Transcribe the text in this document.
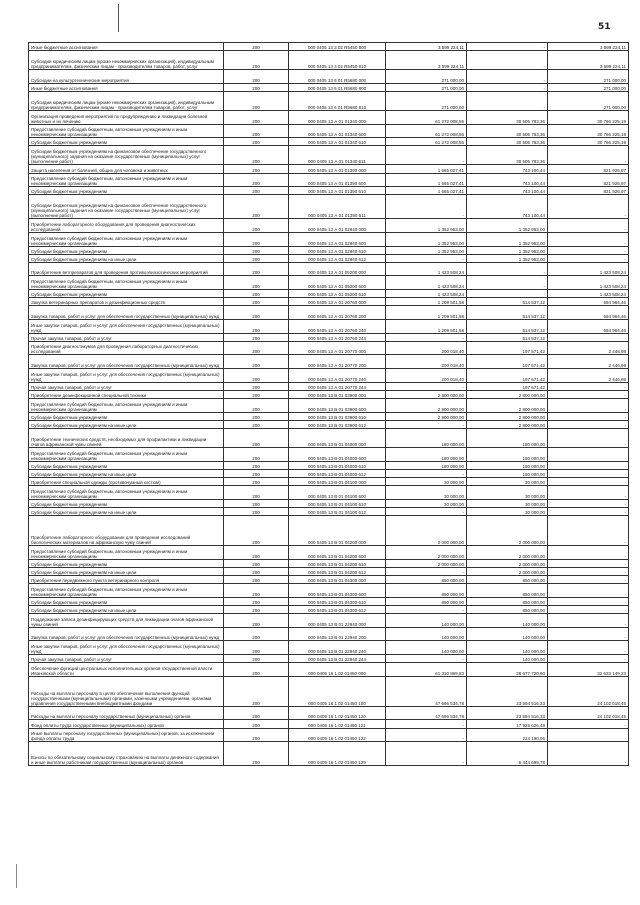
51
Иные бюджетные ассигнования	200	000 0405 13 3 02 R5450 800	3 599 224,11	-	3 599 224,11
Субсидии юридическим лицам (кроме некоммерческих организаций), индивидуальным предпринимателям, физическим лицам - производителям товаров, работ, услуг	200	000 0405 13 3 02 R5450 810	3 599 224,11	-	3 599 224,11
Субсидии на культуртехнические мероприятия	200	000 0405 13 6 01 R5680 000	271 000,00	-	271 000,00
Иные бюджетные ассигнования	200	000 0405 13 6 01 R5680 800	271 000,00	-	271 000,00
Субсидии юридическим лицам (кроме некоммерческих организаций), индивидуальным предпринимателям, физическим лицам - производителям товаров, работ, услуг	200	000 0405 13 6 01 R5680 810	271 000,00	-	271 000,00
Организация проведения мероприятий по предупреждению и ликвидации болезней животных и их лечению	200	000 0405 13 А 01 01340 000	61 272 008,55	30 505 783,36	30 766 225,19
Предоставление субсидий бюджетным, автономным учреждениям и иным некоммерческим организациям	200	000 0405 13 А 01 01340 600	61 272 008,55	30 505 783,36	30 766 225,19
Субсидии бюджетным учреждениям	200	000 0405 13 А 01 01340 610	61 272 008,55	30 505 783,36	30 766 225,19
Субсидии бюджетным учреждениям на финансовое обеспечение государственного (муниципального) задания на оказание государственных (муниципальных) услуг (выполнение работ)	200	000 0405 13 А 01 01340 611	-	30 505 783,36	-
Защита населения от болезней, общих для человека и животных	200	000 0405 13 А 01 01390 000	1 565 027,41	743 100,44	821 926,97
Предоставление субсидий бюджетным, автономным учреждениям и иным некоммерческим организациям	200	000 0405 13 А 01 01390 600	1 565 027,41	743 100,44	821 926,97
Субсидии бюджетным учреждениям	200	000 0405 13 А 01 01390 610	1 565 027,41	743 100,44	821 926,97
Субсидии бюджетным учреждениям на финансовое обеспечение государственного (муниципального) задания на оказание государственных (муниципальных) услуг (выполнение работ)	200	000 0405 13 А 01 01390 611	-	743 100,44	-
Приобретение лабораторного оборудования для проведения диагностических исследований	200	000 0405 13 А 01 02840 000	1 352 953,00	1 352 953,00	-
Предоставление субсидий бюджетным, автономным учреждениям и иным некоммерческим организациям	200	000 0405 13 А 01 02840 600	1 352 953,00	1 352 953,00	-
Субсидии бюджетным учреждениям	200	000 0405 13 А 01 02840 610	1 352 953,00	1 352 953,00	-
Субсидии бюджетным учреждениям на иные цели	200	000 0405 13 А 01 02840 612	-	1 352 953,00	-
Приобретение ветпрепаратов для проведения противоэпизоотических мероприятий	200	000 0405 13 А 01 05200 000	1 423 508,24	-	1 423 508,24
Предоставление субсидий бюджетным, автономным учреждениям и иным некоммерческим организациям	200	000 0405 13 А 01 05200 600	1 423 508,24	-	1 423 508,24
Субсидии бюджетным учреждениям	200	000 0405 13 А 01 05200 610	1 423 508,24	-	1 423 508,24
Закупка ветеринарных препаратов и дезинфекционных средств	200	000 0405 13 А 01 20760 000	1 209 501,58	514 537,12	694 964,46
Закупка товаров, работ и услуг для обеспечения государственных (муниципальных) нужд	200	000 0405 13 А 01 20760 200	1 209 501,58	514 537,12	694 964,46
Иные закупки товаров, работ и услуг для обеспечения государственных (муниципальных) нужд	200	000 0405 13 А 01 20760 240	1 209 501,58	514 537,12	694 964,46
Прочая закупка товаров, работ и услуг	200	000 0405 13 А 01 20760 244	-	514 537,12	-
Приобретение диагностикумов для проведения лабораторных диагностических исследований	200	000 0405 13 А 01 20770 000	200 018,40	197 571,42	2 446,98
Закупка товаров, работ и услуг для обеспечения государственных (муниципальных) нужд	200	000 0405 13 А 01 20770 200	200 018,40	197 571,42	2 446,98
Иные закупки товаров, работ и услуг для обеспечения государственных (муниципальных) нужд	200	000 0405 13 А 01 20770 240	200 018,40	197 571,42	2 446,98
Прочая закупка товаров, работ и услуг	200	000 0405 13 А 01 20770 244	-	197 571,42	-
Приобретение дезинфекционной специальной техники	200	000 0405 13 В 01 03900 000	2 800 000,00	2 800 000,00	-
Предоставление субсидий бюджетным, автономным учреждениям и иным некоммерческим организациям	200	000 0405 13 В 01 03900 600	2 800 000,00	2 800 000,00	-
Субсидии бюджетным учреждениям	200	000 0405 13 В 01 03900 610	2 800 000,00	2 800 000,00	-
Субсидии бюджетным учреждениям на иные цели	200	000 0405 13 В 01 03900 612	-	2 800 000,00	-
Приобретение технических средств, необходимых для профилактики и ликвидации очагов африканской чумы свиней	200	000 0405 13 В 01 04000 000	180 000,00	180 000,00	-
Предоставление субсидий бюджетным, автономным учреждениям и иным некоммерческим организациям	200	000 0405 13 В 01 04000 600	180 000,00	180 000,00	-
Субсидии бюджетным учреждениям	200	000 0405 13 В 01 04000 610	180 000,00	180 000,00	-
Субсидии бюджетным учреждениям на иные цели	200	000 0405 13 В 01 04000 612	-	180 000,00	-
Приобретение специальной одежды (противочумный костюм)	200	000 0405 13 В 01 04100 000	30 000,00	30 000,00	-
Предоставление субсидий бюджетным, автономным учреждениям и иным некоммерческим организациям	200	000 0405 13 В 01 04100 600	30 000,00	30 000,00	-
Субсидии бюджетным учреждениям	200	000 0405 13 В 01 04100 610	30 000,00	30 000,00	-
Субсидии бюджетным учреждениям на иные цели	200	000 0405 13 В 01 04100 612	-	30 000,00	-
Приобретение лабораторного оборудования для проведения исследований биологических материалов на африканскую чуму свиней	200	000 0405 13 В 01 04200 000	2 000 000,00	2 000 000,00	-
Предоставление субсидий бюджетным, автономным учреждениям и иным некоммерческим организациям	200	000 0405 13 В 01 04200 600	2 000 000,00	2 000 000,00	-
Субсидии бюджетным учреждениям	200	000 0405 13 В 01 04200 610	2 000 000,00	2 000 000,00	-
Субсидии бюджетным учреждениям на иные цели	200	000 0405 13 В 01 04200 612	-	2 000 000,00	-
Приобретение передвижного пункта ветеринарного контроля	200	000 0405 13 В 01 04300 000	850 000,00	850 000,00	-
Предоставление субсидий бюджетным, автономным учреждениям и иным некоммерческим организациям	200	000 0405 13 В 01 04300 600	850 000,00	850 000,00	-
Субсидии бюджетным учреждениям	200	000 0405 13 В 01 04300 610	850 000,00	850 000,00	-
Субсидии бюджетным учреждениям на иные цели	200	000 0405 13 В 01 04300 612	-	850 000,00	-
Поддержание запаса дезинфицирующих средств для ликвидации очагов африканской чумы свиней	200	000 0405 13 В 01 22940 000	140 000,00	140 000,00	-
Закупка товаров, работ и услуг для обеспечения государственных (муниципальных) нужд	200	000 0405 13 В 01 22940 200	140 000,00	140 000,00	-
Иные закупки товаров, работ и услуг для обеспечения государственных (муниципальных) нужд	200	000 0405 13 В 01 22940 240	140 000,00	140 000,00	-
Прочая закупка товаров, работ и услуг	200	000 0405 13 В 01 22940 244	-	140 000,00	-
Обеспечение функций центральных исполнительных органов государственной власти Ивановской области	200	000 0405 16 1 02 01450 000	61 310 869,83	28 677 720,60	32 633 149,23
Расходы на выплаты персоналу в целях обеспечения выполнения функций государственными (муниципальными) органами, казенными учреждениями, органами управления государственными внебюджетными фондами	200	000 0405 16 1 02 01450 100	47 696 534,78	23 594 516,33	24 102 018,45
Расходы на выплаты персоналу государственных (муниципальных) органов	200	000 0405 16 1 02 01450 120	47 696 534,78	23 594 516,33	24 102 018,45
Фонд оплаты труда государственных (муниципальных) органов	200	000 0405 16 1 02 01450 121	-	17 925 626,48	-
Иные выплаты персоналу государственных (муниципальных) органов, за исключением фонда оплаты труда	200	000 0405 16 1 02 01450 122	-	224 190,06	-
Взносы по обязательному социальному страхованию на выплаты денежного содержания и иные выплаты работникам государственных (муниципальных) органов	200	000 0405 16 1 02 01450 129	-	5 444 699,78	-
